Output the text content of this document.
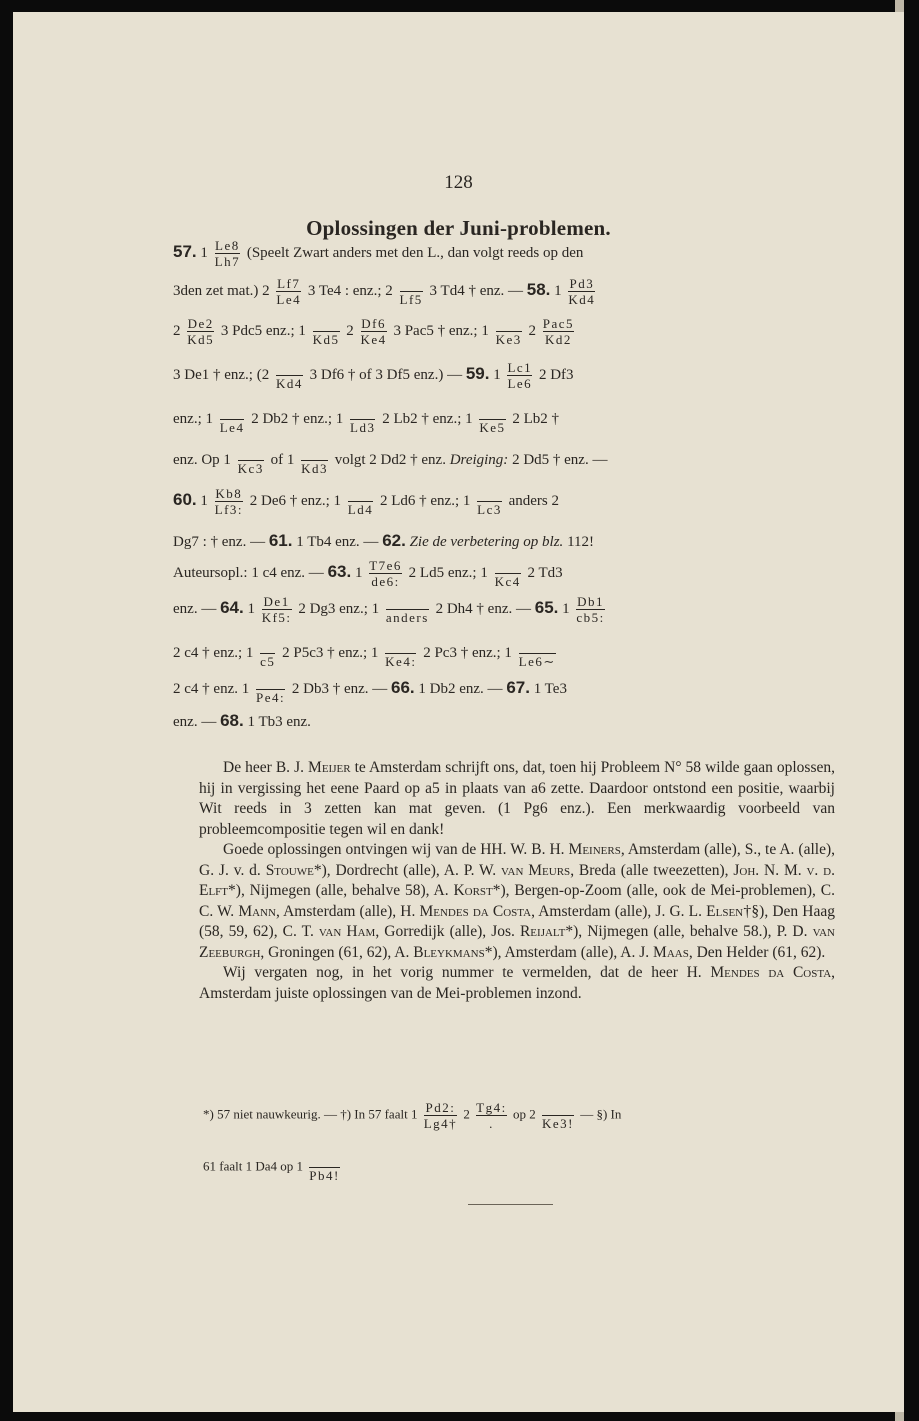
128
Oplossingen der Juni-problemen.
57. $1 \frac{Le8}{Lh7}$ (Speelt Zwart anders met den L., dan volgt reeds op den
3den zet mat.) $2 \frac{Lf7}{Le4} 3$ Te4 : enz.; 2

Lf5
3 Td4 † enz. — 58. $1 \frac{Pd3}{Kd4}$
$2 \frac{De2}{Kd5} 3$ Pdc5 enz.; 1

Kd5
$2 \frac{Df6}{Ke4} 3$ Pac5 † enz.; 1

Ke3
$2 \frac{\text{Pac5}}{Kd2}$
3 De1 † enz.; (2

Kd4
3 Df6 † of 3 Df5 enz.) — 59. $1 \frac{Lc1}{Le6} 2$ Df3
enz.; 1

Le4
2 Db2 † enz.; 1

Ld3
2 Lb2 † enz.; 1

Ke5
2 Lb2 †
enz. Op 1

Kc3
of 1

Kd3
volgt 2 Dd2 † enz. Dreiging: 2 Dd5 † enz. —
60. $1 \frac{Kb8}{Lf3:} 2$ De6 † enz.; 1

Ld4
2 Ld6 † enz.; 1

Lc3
anders 2
Dg7 : † enz. — 61. 1 Tb4 enz. — 62. Zie de verbetering op blz. 112!
Auteursopl.: 1 c4 enz. — 63. $1 \frac{T7e6}{de6:} 2$ Ld5 enz.; 1

Kc4
2 Td3
enz. — 64. $1 \frac{De1}{Kf5:} 2$ Dg3 enz.; 1

anders
2 Dh4 † enz. — 65. $1 \frac{Db1}{cb5:}$
2 c4 † enz.; 1

c5
2 P5c3 † enz.; 1

Ke4:
2 Pc3 † enz.; 1

Le6∼
2 c4 † enz. 1

Pe4:
2 Db3 † enz. — 66. 1 Db2 enz. — 67. 1 Te3
enz. — 68. 1 Tb3 enz.

De heer B. J. Meijer te Amsterdam schrijft ons, dat, toen hij Probleem N° 58 wilde gaan oplossen, hij in vergissing het eene Paard op a5 in plaats van a6 zette. Daardoor ontstond een positie, waarbij Wit reeds in 3 zetten kan mat geven. (1 Pg6 enz.). Een merkwaardig voorbeeld van probleemcompositie tegen wil en dank!

Goede oplossingen ontvingen wij van de HH. W. B. H. Meiners, Amsterdam (alle), S., te A. (alle), G. J. v. d. Stouwe*), Dordrecht (alle), A. P. W. van Meurs, Breda (alle tweezetten), Joh. N. M. v. d. Elft*), Nijmegen (alle, behalve 58), A. Korst*), Bergen-op-Zoom (alle, ook de Mei-problemen), C. C. W. Mann, Amsterdam (alle), H. Mendes da Costa, Amsterdam (alle), J. G. L. Elsen†§), Den Haag (58, 59, 62), C. T. van Ham, Gorredijk (alle), Jos. Reijalt*), Nijmegen (alle, behalve 58.), P. D. van Zeeburgh, Groningen (61, 62), A. Bleykmans*), Amsterdam (alle), A. J. Maas, Den Helder (61, 62).

Wij vergaten nog, in het vorig nummer te vermelden, dat de heer H. Mendes da Costa, Amsterdam juiste oplossingen van de Mei-problemen inzond.

*) 57 niet nauwkeurig. — †) In 57 faalt $1 \frac{Pd2:}{Lg4\dagger} 2 \frac{Tg4:}{.}$ op 2

Ke3!
— §) In
61 faalt 1 Da4 op 1

Pb4!
